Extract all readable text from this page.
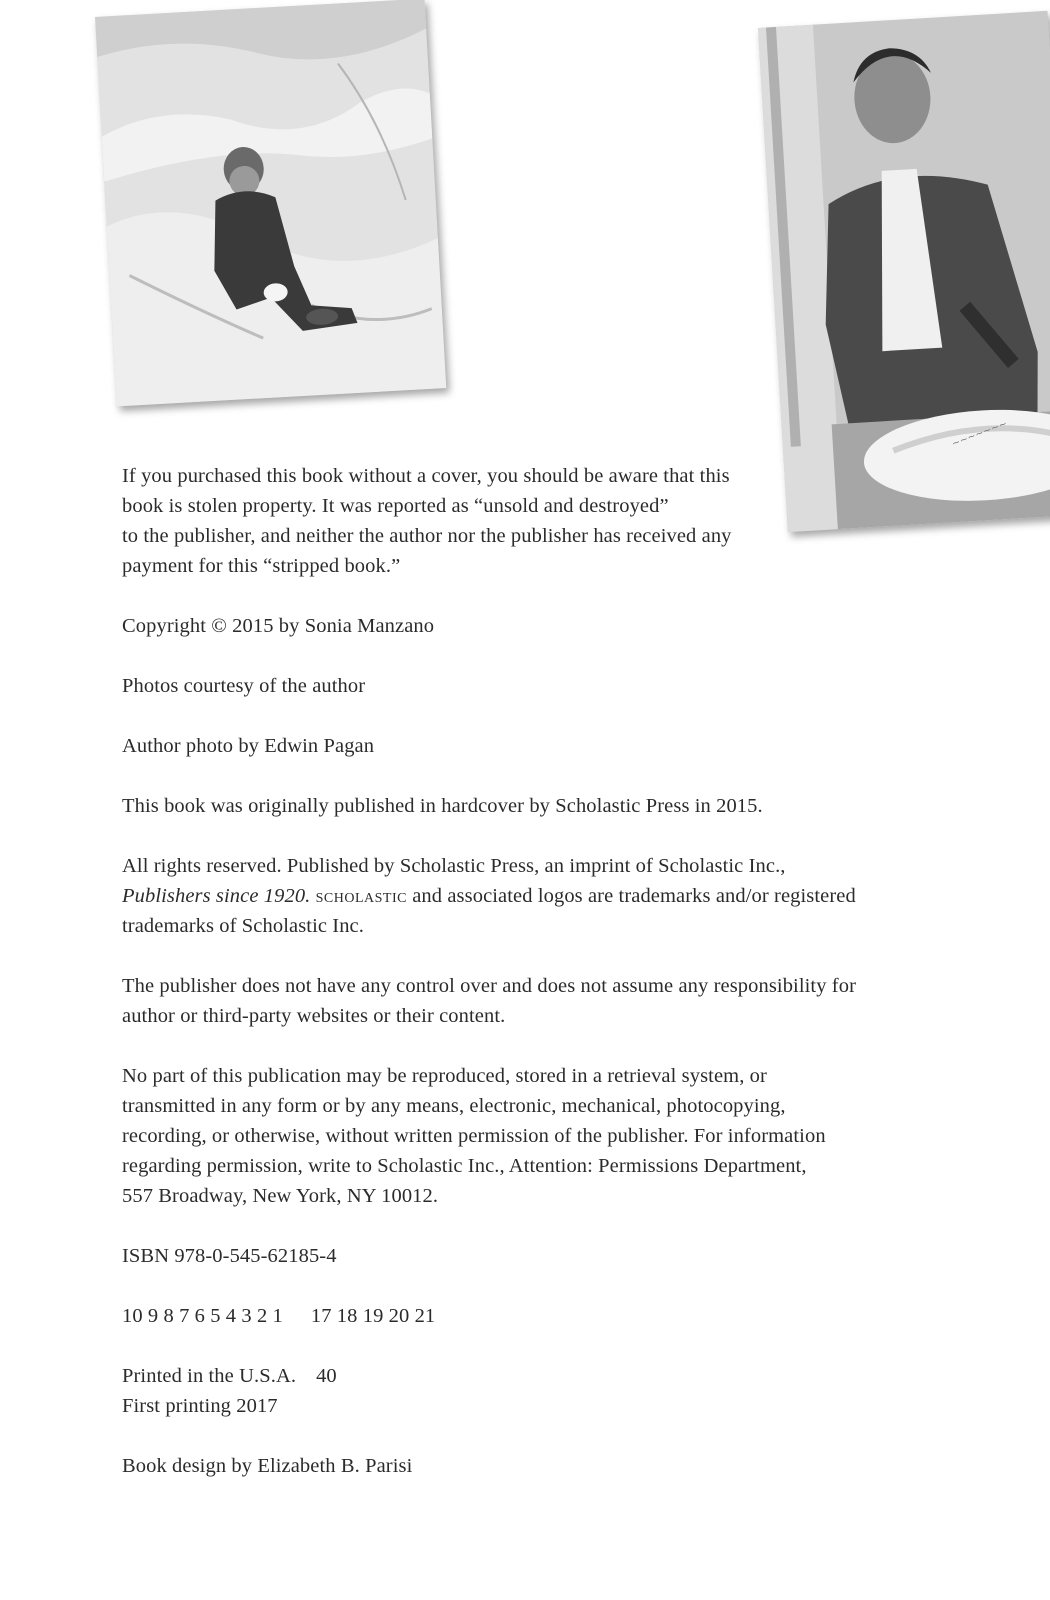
~~~~~~~

If you purchased this book without a cover, you should be aware that this

book is stolen property. It was reported as “unsold and destroyed”

to the publisher, and neither the author nor the publisher has received any

payment for this “stripped book.”

Copyright © 2015 by Sonia Manzano

Photos courtesy of the author

Author photo by Edwin Pagan

This book was originally published in hardcover by Scholastic Press in 2015.

All rights reserved. Published by Scholastic Press, an imprint of Scholastic Inc.,

Publishers since 1920. scholastic and associated logos are trademarks and/or registered

trademarks of Scholastic Inc.

The publisher does not have any control over and does not assume any responsibility for

author or third-party websites or their content.

No part of this publication may be reproduced, stored in a retrieval system, or

transmitted in any form or by any means, electronic, mechanical, photocopying,

recording, or otherwise, without written permission of the publisher. For information

regarding permission, write to Scholastic Inc., Attention: Permissions Department,

557 Broadway, New York, NY 10012.

ISBN 978-0-545-62185-4

10 9 8 7 6 5 4 3 2 1 17 18 19 20 21

Printed in the U.S.A. 40

First printing 2017

Book design by Elizabeth B. Parisi
